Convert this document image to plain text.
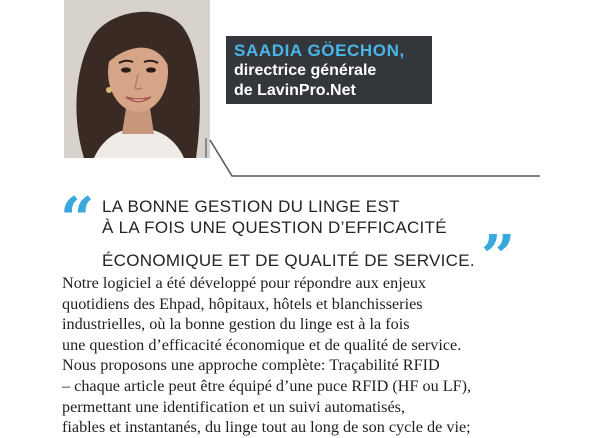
SAADIA GÖECHON,
directrice générale
de LavinPro.Net
“ LA BONNE GESTION DU LINGE EST
À LA FOIS UNE QUESTION D’EFFICACITÉ
ÉCONOMIQUE ET DE QUALITÉ DE SERVICE. ”
Notre logiciel a été développé pour répondre aux enjeux
quotidiens des Ehpad, hôpitaux, hôtels et blanchisseries
industrielles, où la bonne gestion du linge est à la fois
une question d’efficacité économique et de qualité de service.
Nous proposons une approche complète: Traçabilité RFID
– chaque article peut être équipé d’une puce RFID (HF ou LF),
permettant une identification et un suivi automatisés,
fiables et instantanés, du linge tout au long de son cycle de vie;
